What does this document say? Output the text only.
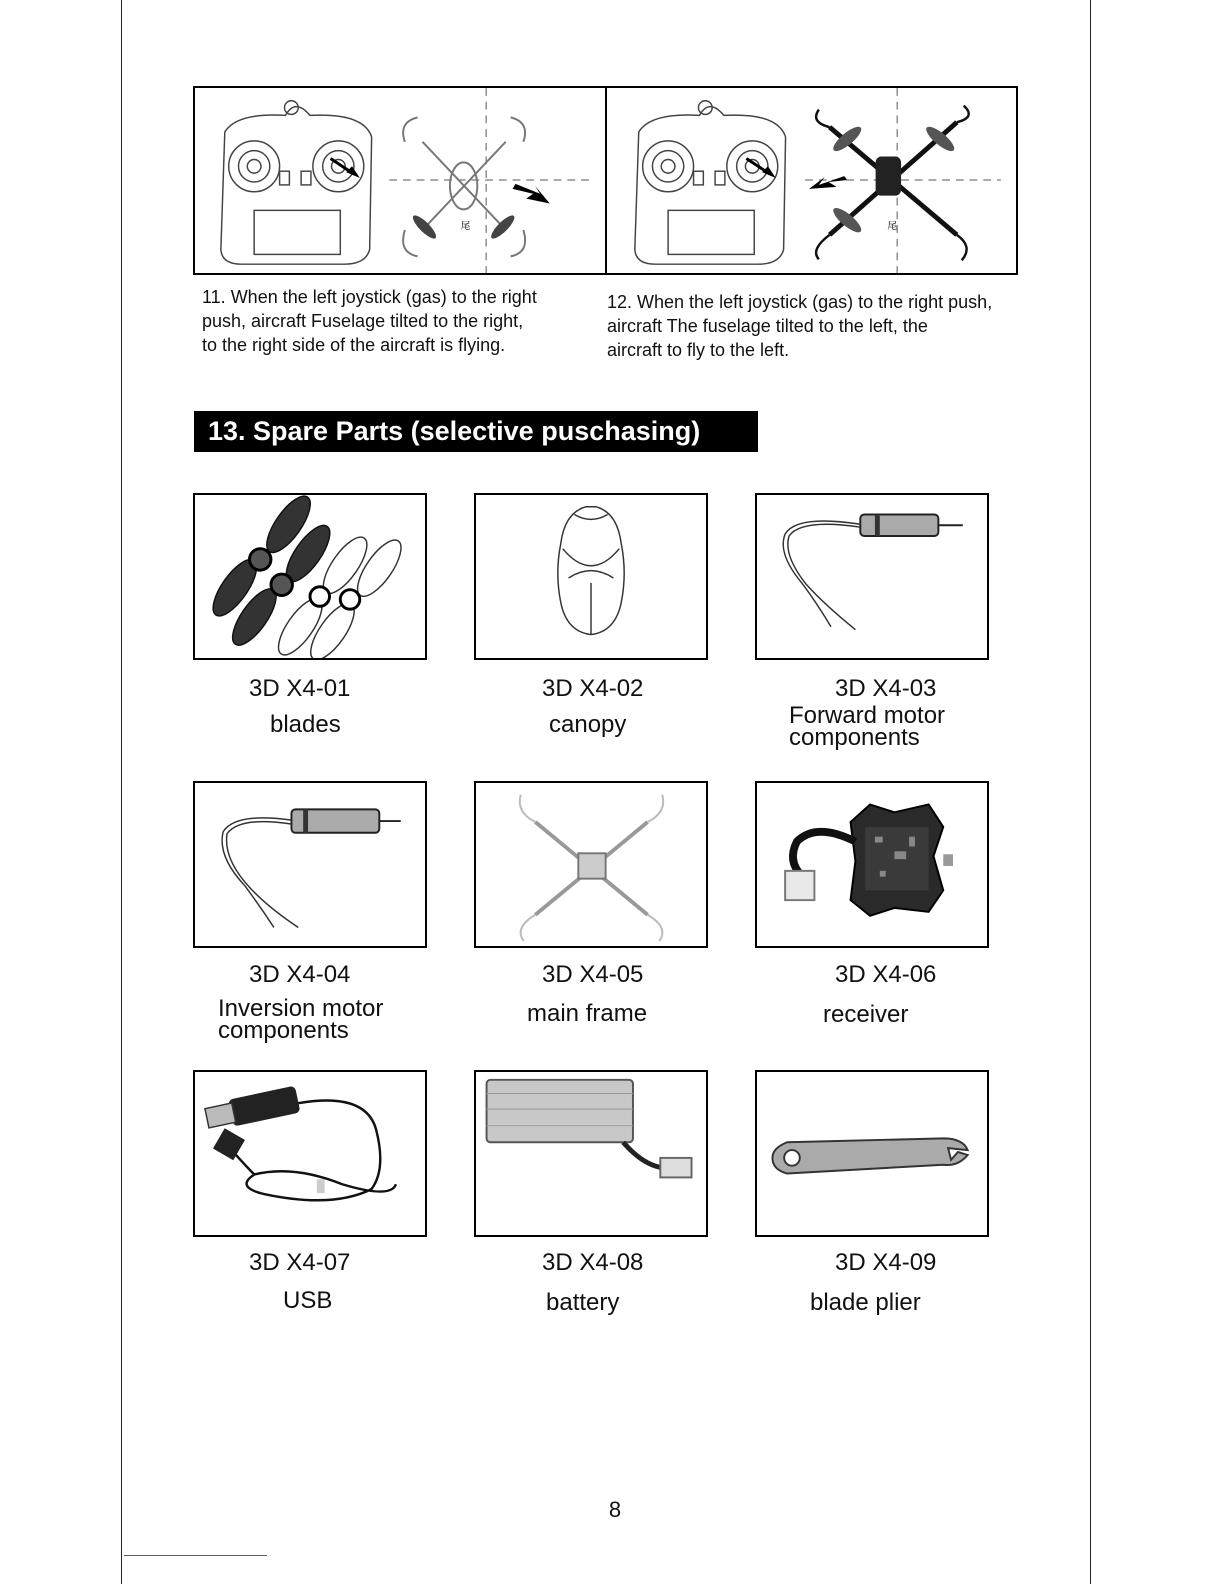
尾	尾
11. When the left joystick (gas) to the right
push, aircraft Fuselage tilted to the right,
to the right side of the aircraft is flying.
12. When the left joystick (gas) to the right push,
aircraft The fuselage tilted to the left, the
aircraft to fly to the left.
13. Spare Parts (selective puschasing)
3D X4-01
blades
3D X4-02
canopy
3D X4-03
Forward motor
components
3D X4-04
Inversion motor
components
3D X4-05
main frame
3D X4-06
receiver
3D X4-07
USB
3D X4-08
battery
3D X4-09
blade plier
8
